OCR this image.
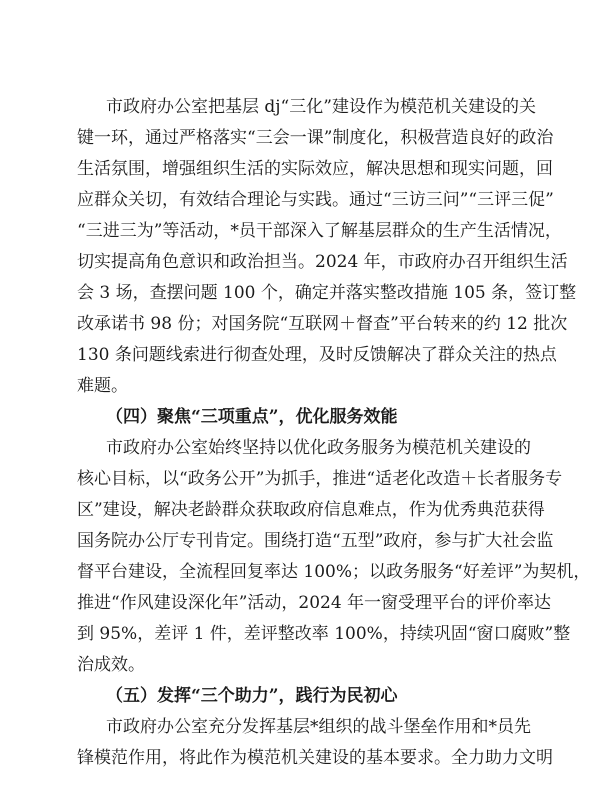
市政府办公室把基层 dj“三化”建设作为模范机关建设的关
键一环，通过严格落实“三会一课”制度化，积极营造良好的政治
生活氛围，增强组织生活的实际效应，解决思想和现实问题，回
应群众关切，有效结合理论与实践。通过“三访三问”“三评三促”
“三进三为”等活动，*员干部深入了解基层群众的生产生活情况，
切实提高角色意识和政治担当。2024 年，市政府办召开组织生活
会 3 场，查摆问题 100 个，确定并落实整改措施 105 条，签订整
改承诺书 98 份；对国务院“互联网＋督查”平台转来的约 12 批次
130 条问题线索进行彻查处理，及时反馈解决了群众关注的热点
难题。
（四）聚焦“三项重点”，优化服务效能
市政府办公室始终坚持以优化政务服务为模范机关建设的
核心目标，以“政务公开”为抓手，推进“适老化改造＋长者服务专
区”建设，解决老龄群众获取政府信息难点，作为优秀典范获得
国务院办公厅专刊肯定。围绕打造“五型”政府，参与扩大社会监
督平台建设，全流程回复率达 100%；以政务服务“好差评”为契机，
推进“作风建设深化年”活动，2024 年一窗受理平台的评价率达
到 95%，差评 1 件，差评整改率 100%，持续巩固“窗口腐败”整
治成效。
（五）发挥“三个助力”，践行为民初心
市政府办公室充分发挥基层*组织的战斗堡垒作用和*员先
锋模范作用，将此作为模范机关建设的基本要求。全力助力文明
